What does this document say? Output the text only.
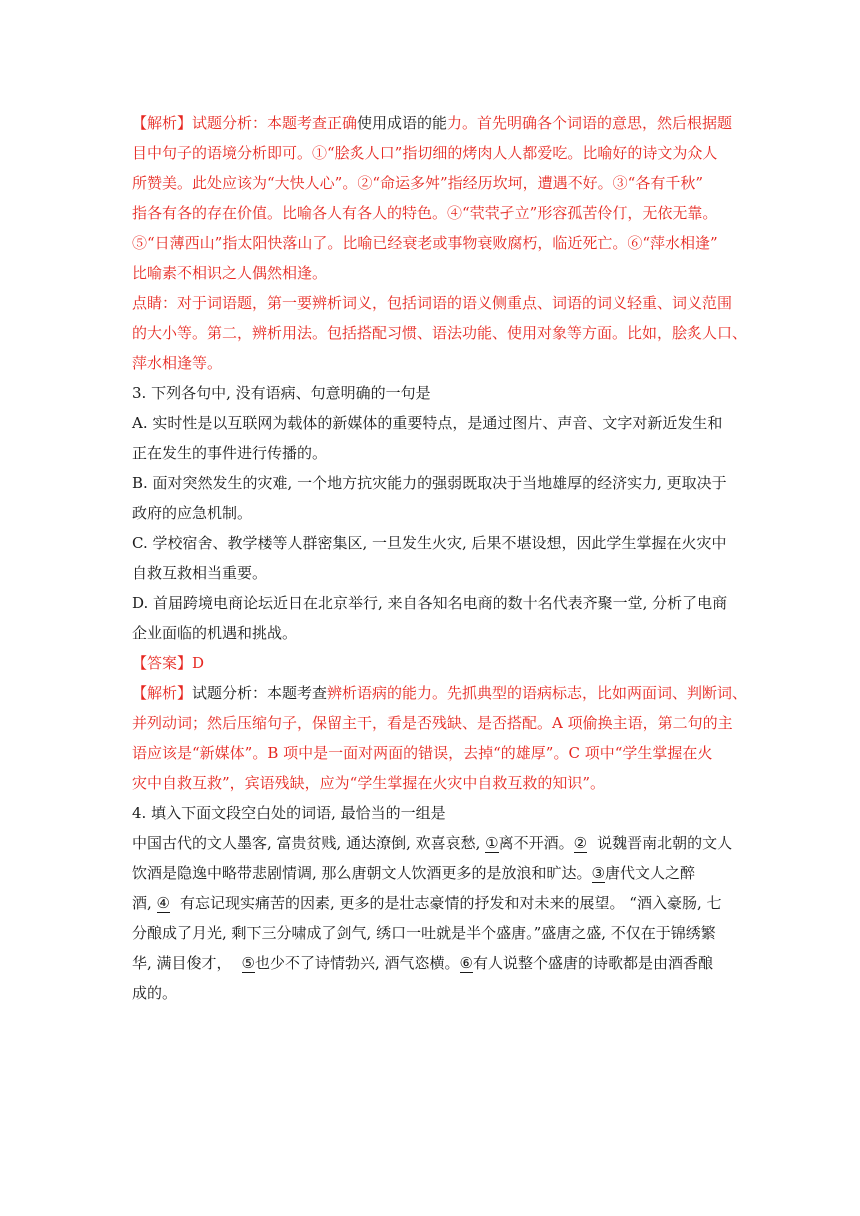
【解析】试题分析：本题考查正确使用成语的能力。首先明确各个词语的意思，然后根据题
目中句子的语境分析即可。①“脍炙人口”指切细的烤肉人人都爱吃。比喻好的诗文为众人
所赞美。此处应该为“大快人心”。②“命运多舛”指经历坎坷，遭遇不好。③“各有千秋”
指各有各的存在价值。比喻各人有各人的特色。④“茕茕孑立”形容孤苦伶仃，无依无靠。
⑤“日薄西山”指太阳快落山了。比喻已经衰老或事物衰败腐朽，临近死亡。⑥“萍水相逢”
比喻素不相识之人偶然相逢。
点睛：对于词语题，第一要辨析词义，包括词语的语义侧重点、词语的词义轻重、词义范围
的大小等。第二，辨析用法。包括搭配习惯、语法功能、使用对象等方面。比如，脍炙人口、
萍水相逢等。
3. 下列各句中, 没有语病、句意明确的一句是
A. 实时性是以互联网为载体的新媒体的重要特点，是通过图片、声音、文字对新近发生和
正在发生的事件进行传播的。
B. 面对突然发生的灾难, 一个地方抗灾能力的强弱既取决于当地雄厚的经济实力, 更取决于
政府的应急机制。
C. 学校宿舍、教学楼等人群密集区, 一旦发生火灾, 后果不堪设想，因此学生掌握在火灾中
自救互救相当重要。
D. 首届跨境电商论坛近日在北京举行, 来自各知名电商的数十名代表齐聚一堂, 分析了电商
企业面临的机遇和挑战。
【答案】D
【解析】试题分析：本题考查辨析语病的能力。先抓典型的语病标志，比如两面词、判断词、
并列动词；然后压缩句子，保留主干，看是否残缺、是否搭配。A 项偷换主语，第二句的主
语应该是“新媒体”。B 项中是一面对两面的错误，去掉“的雄厚”。C 项中“学生掌握在火
灾中自救互救”，宾语残缺，应为“学生掌握在火灾中自救互救的知识”。
4. 填入下面文段空白处的词语, 最恰当的一组是
中国古代的文人墨客, 富贵贫贱, 通达潦倒, 欢喜哀愁, ①离不开酒。② 说魏晋南北朝的文人
饮酒是隐逸中略带悲剧情调, 那么唐朝文人饮酒更多的是放浪和旷达。③唐代文人之醉
酒, ④ 有忘记现实痛苦的因素, 更多的是壮志豪情的抒发和对未来的展望。 “酒入豪肠, 七
分酿成了月光, 剩下三分啸成了剑气, 绣口一吐就是半个盛唐。”盛唐之盛, 不仅在于锦绣繁
华, 满目俊才， ⑤也少不了诗情勃兴, 酒气恣横。⑥有人说整个盛唐的诗歌都是由酒香酿
成的。
